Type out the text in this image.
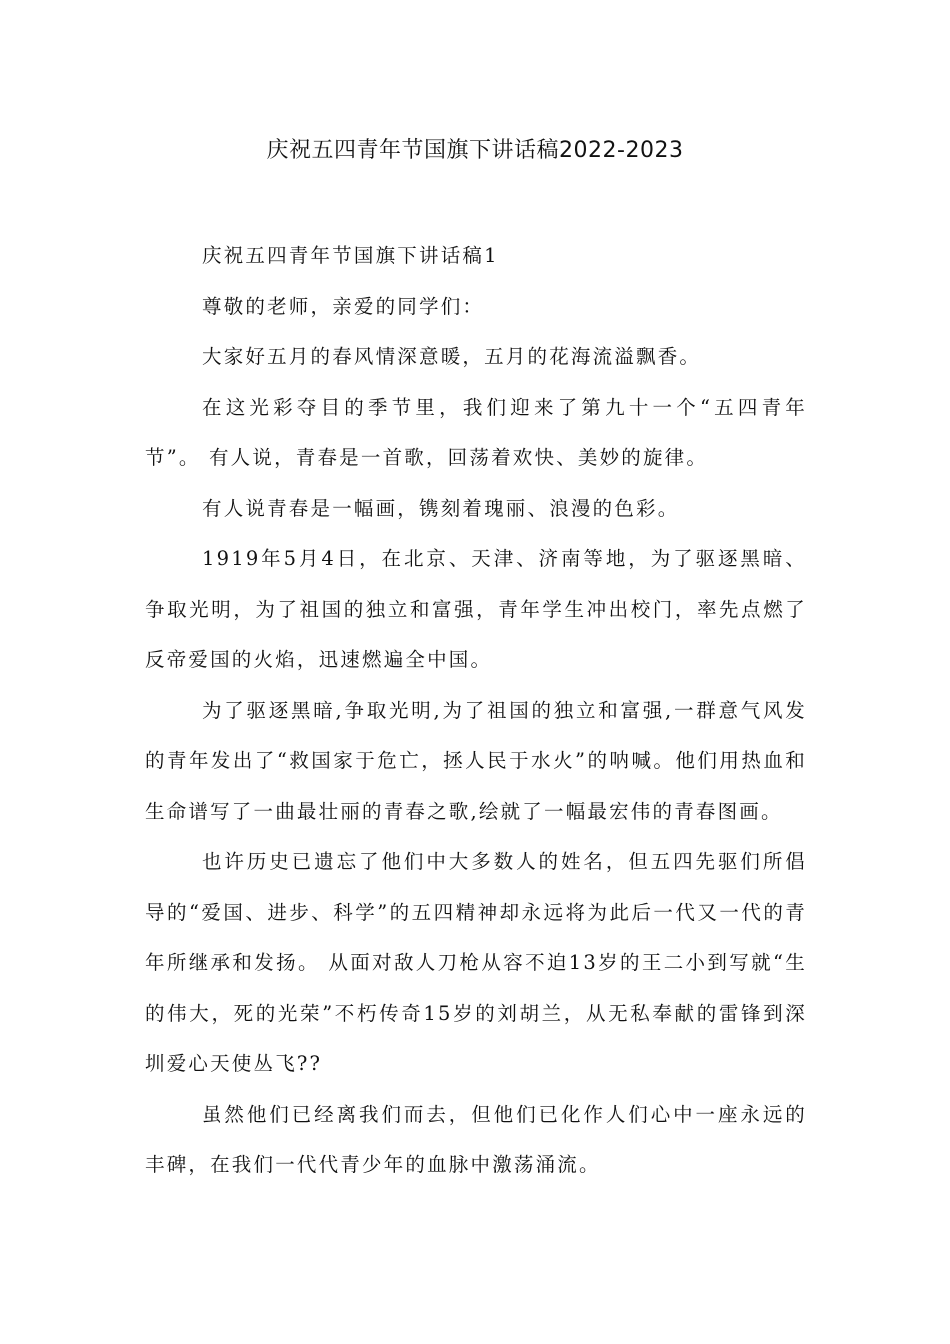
庆祝五四青年节国旗下讲话稿2022-2023

庆祝五四青年节国旗下讲话稿1

尊敬的老师，亲爱的同学们：

大家好五月的春风情深意暖，五月的花海流溢飘香。

在这光彩夺目的季节里，我们迎来了第九十一个“五四青年节”。 有人说，青春是一首歌，回荡着欢快、美妙的旋律。

有人说青春是一幅画，镌刻着瑰丽、浪漫的色彩。

1919年5月4日，在北京、天津、济南等地，为了驱逐黑暗、争取光明，为了祖国的独立和富强，青年学生冲出校门，率先点燃了反帝爱国的火焰，迅速燃遍全中国。

为了驱逐黑暗,争取光明,为了祖国的独立和富强,一群意气风发的青年发出了“救国家于危亡，拯人民于水火”的呐喊。他们用热血和生命谱写了一曲最壮丽的青春之歌,绘就了一幅最宏伟的青春图画。

也许历史已遗忘了他们中大多数人的姓名，但五四先驱们所倡导的“爱国、进步、科学”的五四精神却永远将为此后一代又一代的青年所继承和发扬。 从面对敌人刀枪从容不迫13岁的王二小到写就“生的伟大，死的光荣”不朽传奇15岁的刘胡兰，从无私奉献的雷锋到深圳爱心天使丛飞??

虽然他们已经离我们而去，但他们已化作人们心中一座永远的丰碑，在我们一代代青少年的血脉中激荡涌流。
